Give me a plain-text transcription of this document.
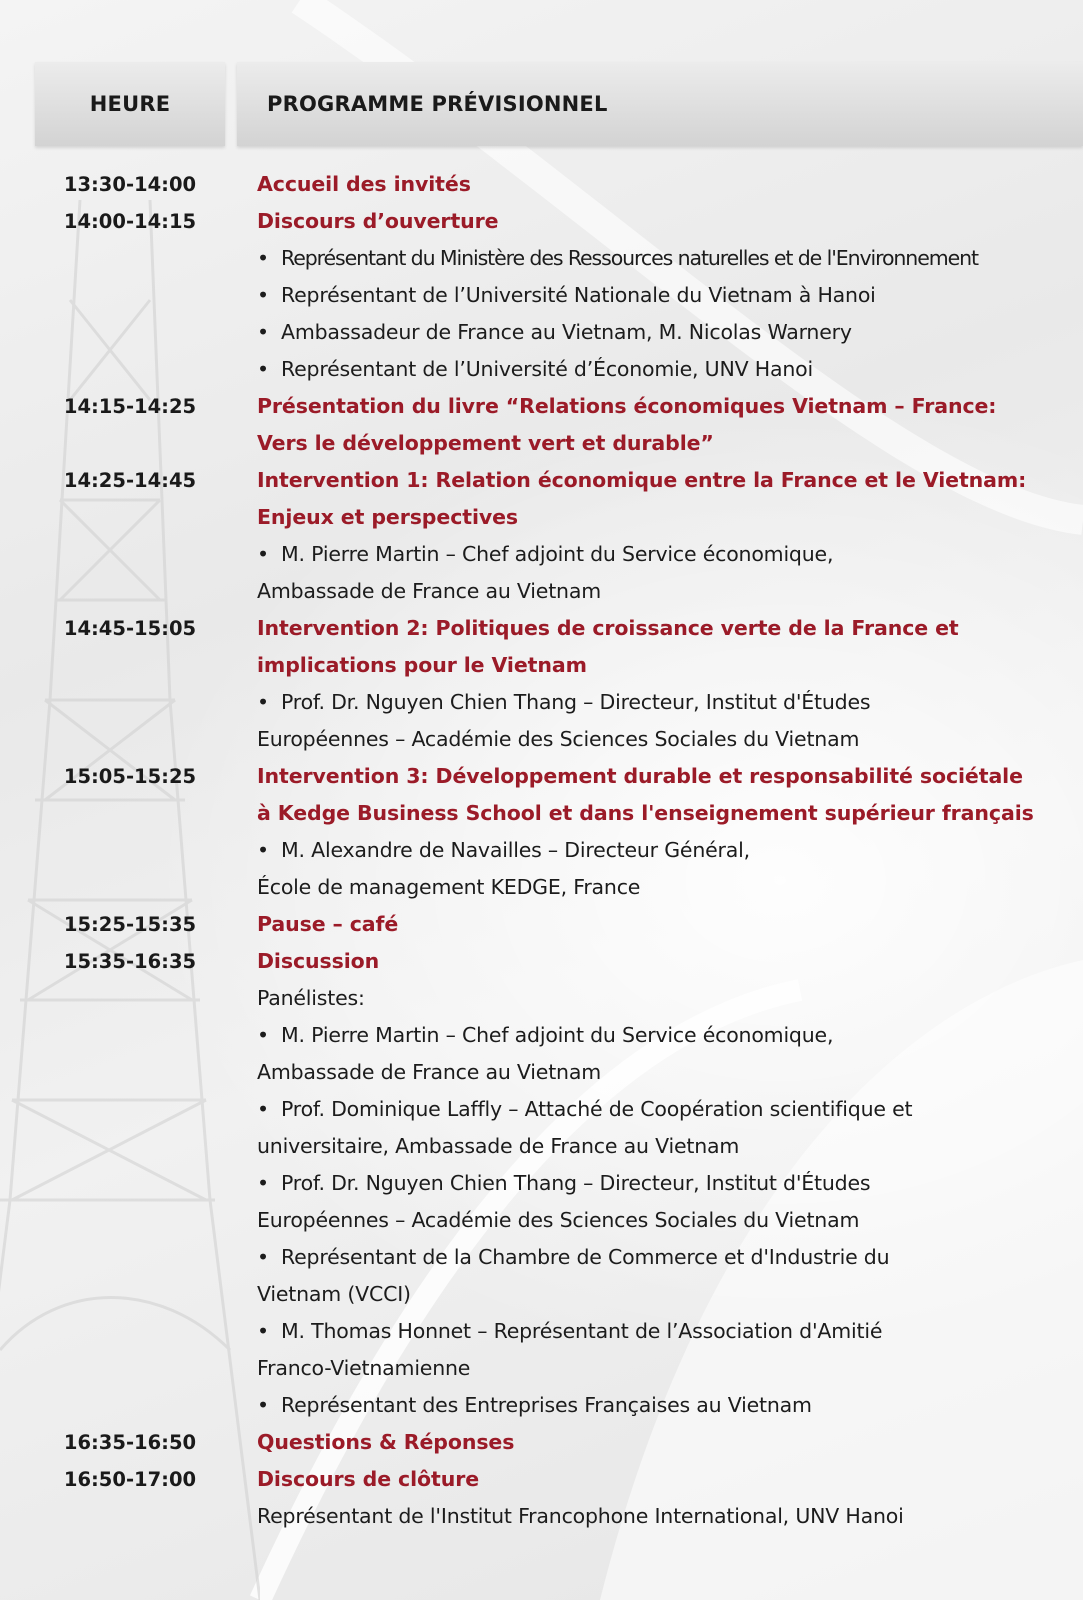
HEURE	PROGRAMME PRÉVISIONNEL
13:30-14:00	Accueil des invités
14:00-14:15	Discours d’ouverture
• Représentant du Ministère des Ressources naturelles et de l'Environnement
• Représentant de l’Université Nationale du Vietnam à Hanoi
• Ambassadeur de France au Vietnam, M. Nicolas Warnery
• Représentant de l’Université d’Économie, UNV Hanoi
14:15-14:25	Présentation du livre “Relations économiques Vietnam – France:
Vers le développement vert et durable”
14:25-14:45	Intervention 1: Relation économique entre la France et le Vietnam:
Enjeux et perspectives
• M. Pierre Martin – Chef adjoint du Service économique,
Ambassade de France au Vietnam
14:45-15:05	Intervention 2: Politiques de croissance verte de la France et
implications pour le Vietnam
• Prof. Dr. Nguyen Chien Thang – Directeur, Institut d'Études
Européennes – Académie des Sciences Sociales du Vietnam
15:05-15:25	Intervention 3: Développement durable et responsabilité sociétale
à Kedge Business School et dans l'enseignement supérieur français
• M. Alexandre de Navailles – Directeur Général,
École de management KEDGE, France
15:25-15:35	Pause – café
15:35-16:35	Discussion
Panélistes:
• M. Pierre Martin – Chef adjoint du Service économique,
Ambassade de France au Vietnam
• Prof. Dominique Laffly – Attaché de Coopération scientifique et
universitaire, Ambassade de France au Vietnam
• Prof. Dr. Nguyen Chien Thang – Directeur, Institut d'Études
Européennes – Académie des Sciences Sociales du Vietnam
• Représentant de la Chambre de Commerce et d'Industrie du
Vietnam (VCCI)
• M. Thomas Honnet – Représentant de l’Association d'Amitié
Franco-Vietnamienne
• Représentant des Entreprises Françaises au Vietnam
16:35-16:50	Questions & Réponses
16:50-17:00	Discours de clôture
Représentant de l'Institut Francophone International, UNV Hanoi
